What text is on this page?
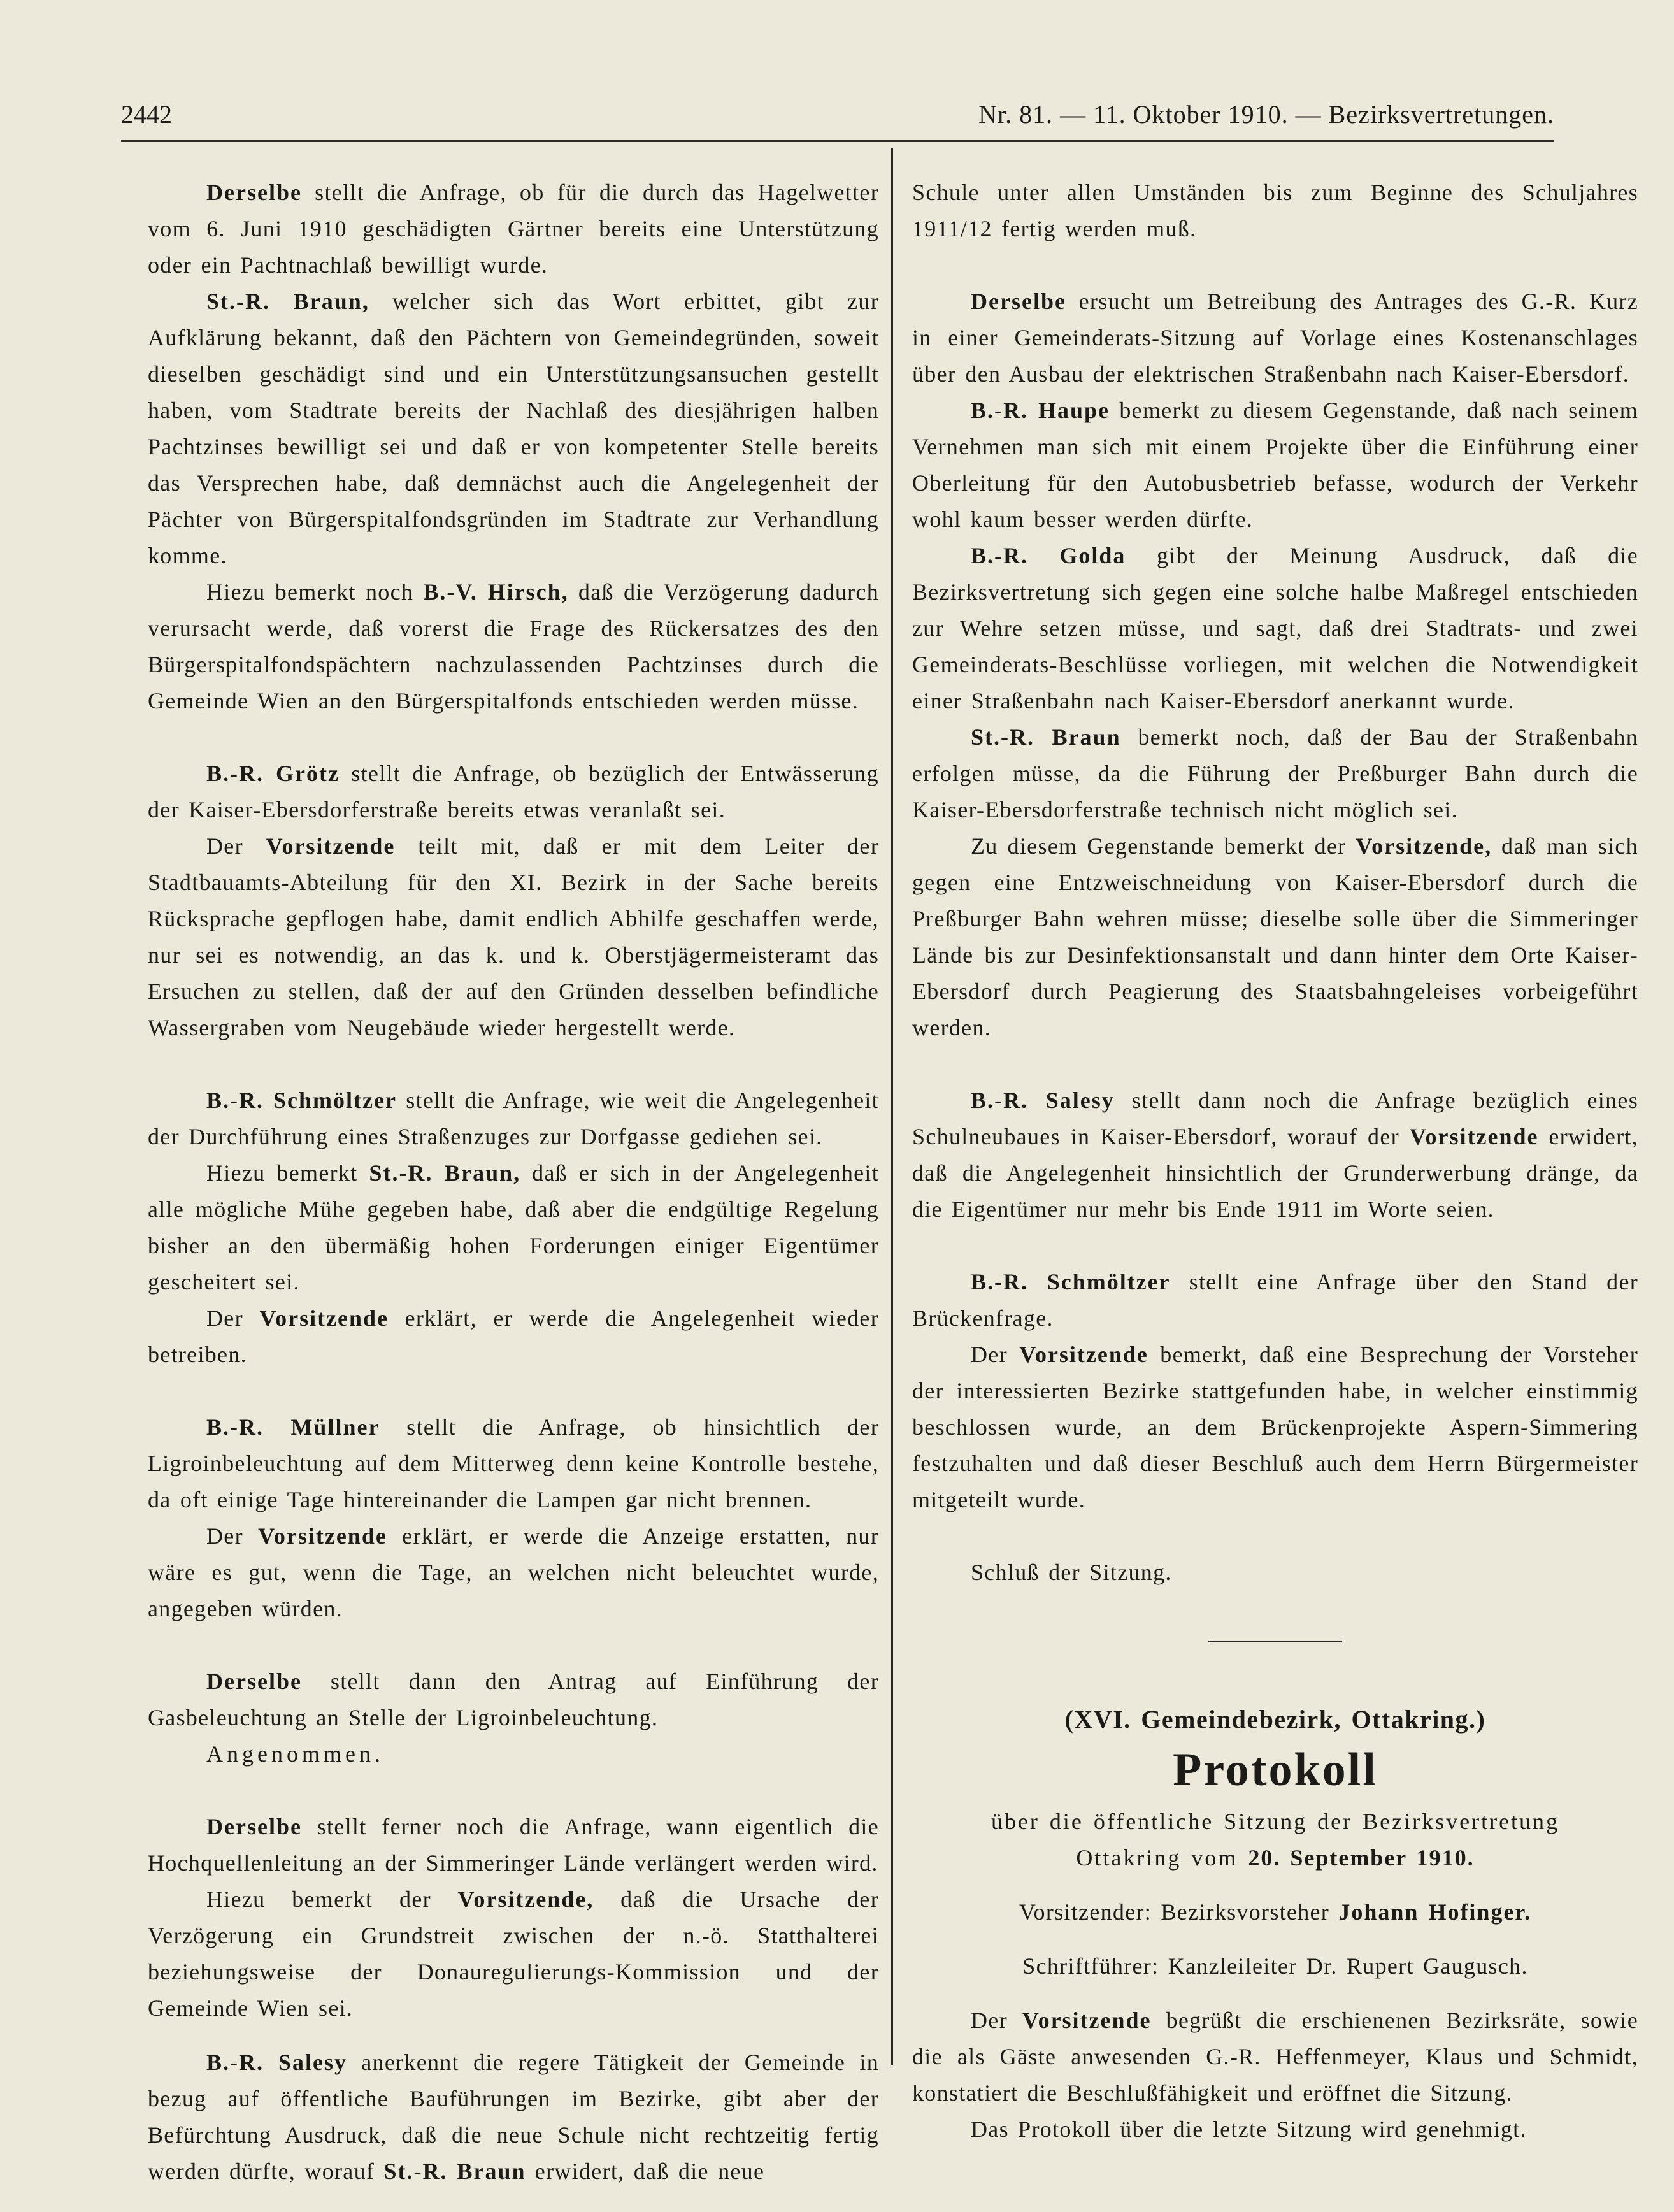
2442	Nr. 81. — 11. Oktober 1910. — Bezirksvertretungen.

Derselbe stellt die Anfrage, ob für die durch das Hagelwetter vom 6. Juni 1910 geschädigten Gärtner bereits eine Unterstützung oder ein Pachtnachlaß bewilligt wurde.

St.-R. Braun, welcher sich das Wort erbittet, gibt zur Aufklärung bekannt, daß den Pächtern von Gemeindegründen, soweit dieselben geschädigt sind und ein Unterstützungsansuchen gestellt haben, vom Stadtrate bereits der Nachlaß des diesjährigen halben Pachtzinses bewilligt sei und daß er von kompetenter Stelle bereits das Versprechen habe, daß demnächst auch die Angelegenheit der Pächter von Bürgerspitalfondsgründen im Stadtrate zur Verhandlung komme.

Hiezu bemerkt noch B.-V. Hirsch, daß die Verzögerung dadurch verursacht werde, daß vorerst die Frage des Rückersatzes des den Bürgerspitalfondspächtern nachzulassenden Pachtzinses durch die Gemeinde Wien an den Bürgerspitalfonds entschieden werden müsse.

B.-R. Grötz stellt die Anfrage, ob bezüglich der Entwässerung der Kaiser-Ebersdorferstraße bereits etwas veranlaßt sei.

Der Vorsitzende teilt mit, daß er mit dem Leiter der Stadtbauamts-Abteilung für den XI. Bezirk in der Sache bereits Rücksprache gepflogen habe, damit endlich Abhilfe geschaffen werde, nur sei es notwendig, an das k. und k. Oberstjägermeisteramt das Ersuchen zu stellen, daß der auf den Gründen desselben befindliche Wassergraben vom Neugebäude wieder hergestellt werde.

B.-R. Schmöltzer stellt die Anfrage, wie weit die Angelegenheit der Durchführung eines Straßenzuges zur Dorfgasse gediehen sei.

Hiezu bemerkt St.-R. Braun, daß er sich in der Angelegenheit alle mögliche Mühe gegeben habe, daß aber die endgültige Regelung bisher an den übermäßig hohen Forderungen einiger Eigentümer gescheitert sei.

Der Vorsitzende erklärt, er werde die Angelegenheit wieder betreiben.

B.-R. Müllner stellt die Anfrage, ob hinsichtlich der Ligroinbeleuchtung auf dem Mitterweg denn keine Kontrolle bestehe, da oft einige Tage hintereinander die Lampen gar nicht brennen.

Der Vorsitzende erklärt, er werde die Anzeige erstatten, nur wäre es gut, wenn die Tage, an welchen nicht beleuchtet wurde, angegeben würden.

Derselbe stellt dann den Antrag auf Einführung der Gasbeleuchtung an Stelle der Ligroinbeleuchtung.

Angenommen.

Derselbe stellt ferner noch die Anfrage, wann eigentlich die Hochquellenleitung an der Simmeringer Lände verlängert werden wird.

Hiezu bemerkt der Vorsitzende, daß die Ursache der Verzögerung ein Grundstreit zwischen der n.-ö. Statthalterei beziehungsweise der Donauregulierungs-Kommission und der Gemeinde Wien sei.

B.-R. Salesy anerkennt die regere Tätigkeit der Gemeinde in bezug auf öffentliche Bauführungen im Bezirke, gibt aber der Befürchtung Ausdruck, daß die neue Schule nicht rechtzeitig fertig werden dürfte, worauf St.-R. Braun erwidert, daß die neue

Schule unter allen Umständen bis zum Beginne des Schuljahres 1911/12 fertig werden muß.

Derselbe ersucht um Betreibung des Antrages des G.-R. Kurz in einer Gemeinderats-Sitzung auf Vorlage eines Kostenanschlages über den Ausbau der elektrischen Straßenbahn nach Kaiser-Ebersdorf.

B.-R. Haupe bemerkt zu diesem Gegenstande, daß nach seinem Vernehmen man sich mit einem Projekte über die Einführung einer Oberleitung für den Autobusbetrieb befasse, wodurch der Verkehr wohl kaum besser werden dürfte.

B.-R. Golda gibt der Meinung Ausdruck, daß die Bezirksvertretung sich gegen eine solche halbe Maßregel entschieden zur Wehre setzen müsse, und sagt, daß drei Stadtrats- und zwei Gemeinderats-Beschlüsse vorliegen, mit welchen die Notwendigkeit einer Straßenbahn nach Kaiser-Ebersdorf anerkannt wurde.

St.-R. Braun bemerkt noch, daß der Bau der Straßenbahn erfolgen müsse, da die Führung der Preßburger Bahn durch die Kaiser-Ebersdorferstraße technisch nicht möglich sei.

Zu diesem Gegenstande bemerkt der Vorsitzende, daß man sich gegen eine Entzweischneidung von Kaiser-Ebersdorf durch die Preßburger Bahn wehren müsse; dieselbe solle über die Simmeringer Lände bis zur Desinfektionsanstalt und dann hinter dem Orte Kaiser-Ebersdorf durch Peagierung des Staatsbahngeleises vorbeigeführt werden.

B.-R. Salesy stellt dann noch die Anfrage bezüglich eines Schulneubaues in Kaiser-Ebersdorf, worauf der Vorsitzende erwidert, daß die Angelegenheit hinsichtlich der Grunderwerbung dränge, da die Eigentümer nur mehr bis Ende 1911 im Worte seien.

B.-R. Schmöltzer stellt eine Anfrage über den Stand der Brückenfrage.

Der Vorsitzende bemerkt, daß eine Besprechung der Vorsteher der interessierten Bezirke stattgefunden habe, in welcher einstimmig beschlossen wurde, an dem Brückenprojekte Aspern-Simmering festzuhalten und daß dieser Beschluß auch dem Herrn Bürgermeister mitgeteilt wurde.

Schluß der Sitzung.

(XVI. Gemeindebezirk, Ottakring.)

Protokoll

über die öffentliche Sitzung der Bezirksvertretung

Ottakring vom 20. September 1910.

Vorsitzender: Bezirksvorsteher Johann Hofinger.

Schriftführer: Kanzleileiter Dr. Rupert Gaugusch.

Der Vorsitzende begrüßt die erschienenen Bezirksräte, sowie die als Gäste anwesenden G.-R. Heffenmeyer, Klaus und Schmidt, konstatiert die Beschlußfähigkeit und eröffnet die Sitzung.

Das Protokoll über die letzte Sitzung wird genehmigt.
